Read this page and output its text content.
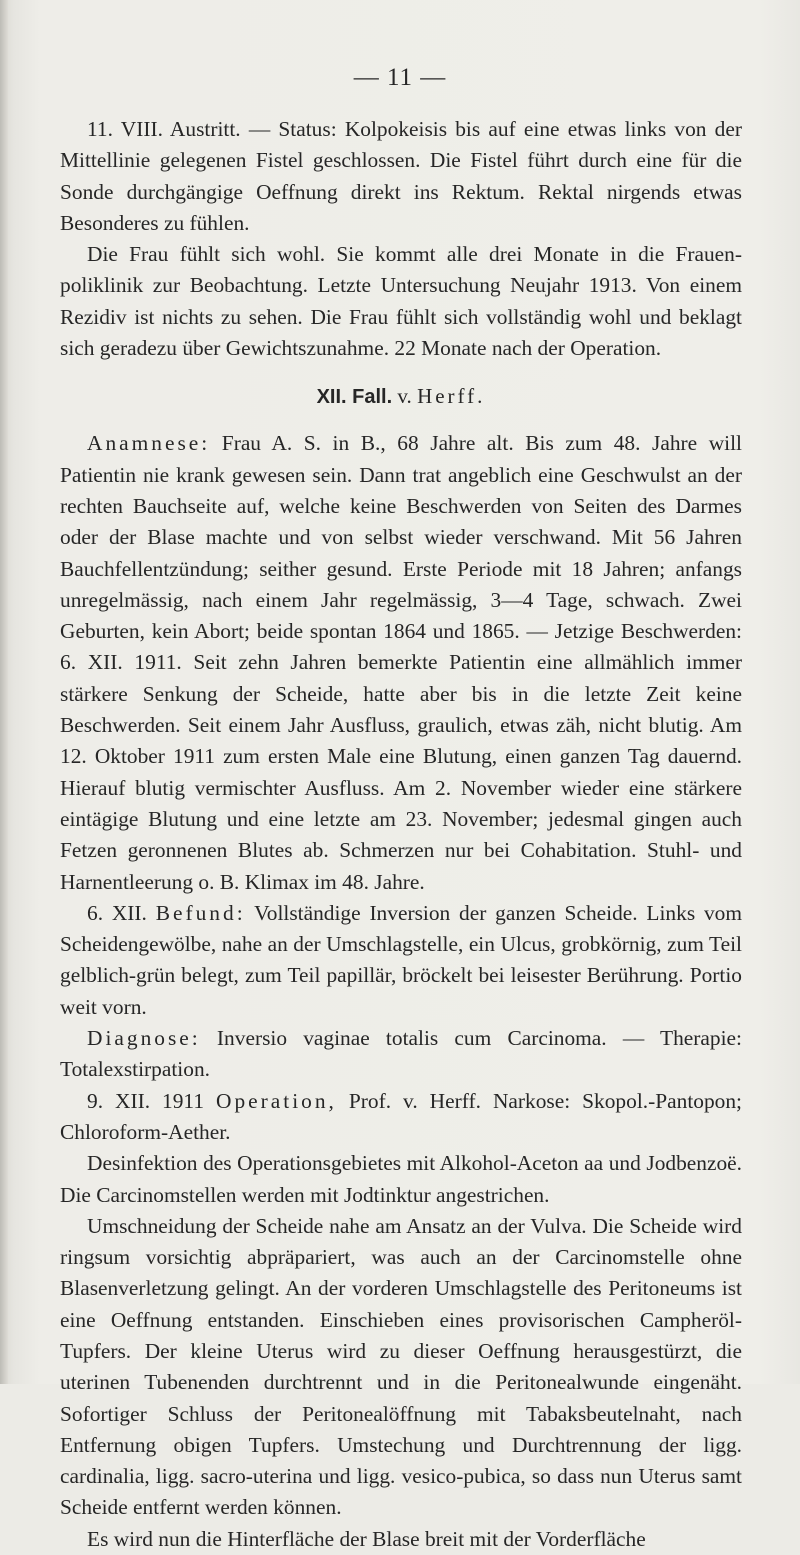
— 11 —

11. VIII. Austritt. — Status: Kolpokeisis bis auf eine etwas links von der Mittellinie gelegenen Fistel geschlossen. Die Fistel führt durch eine für die Sonde durchgängige Oeffnung direkt ins Rektum. Rektal nirgends etwas Besonderes zu fühlen.

Die Frau fühlt sich wohl. Sie kommt alle drei Monate in die Frauen-poliklinik zur Beobachtung. Letzte Untersuchung Neujahr 1913. Von einem Rezidiv ist nichts zu sehen. Die Frau fühlt sich vollständig wohl und beklagt sich geradezu über Gewichtszunahme. 22 Monate nach der Operation.

XII. Fall. v. Herff.

Anamnese: Frau A. S. in B., 68 Jahre alt. Bis zum 48. Jahre will Patientin nie krank gewesen sein. Dann trat angeblich eine Geschwulst an der rechten Bauchseite auf, welche keine Beschwerden von Seiten des Darmes oder der Blase machte und von selbst wieder verschwand. Mit 56 Jahren Bauchfellentzündung; seither gesund. Erste Periode mit 18 Jahren; anfangs unregelmässig, nach einem Jahr regelmässig, 3—4 Tage, schwach. Zwei Geburten, kein Abort; beide spontan 1864 und 1865. — Jetzige Beschwerden: 6. XII. 1911. Seit zehn Jahren bemerkte Patientin eine allmählich immer stärkere Senkung der Scheide, hatte aber bis in die letzte Zeit keine Beschwerden. Seit einem Jahr Ausfluss, graulich, etwas zäh, nicht blutig. Am 12. Oktober 1911 zum ersten Male eine Blutung, einen ganzen Tag dauernd. Hierauf blutig vermischter Ausfluss. Am 2. November wieder eine stärkere eintägige Blutung und eine letzte am 23. November; jedesmal gingen auch Fetzen geronnenen Blutes ab. Schmerzen nur bei Cohabitation. Stuhl- und Harnentleerung o. B. Klimax im 48. Jahre.

6. XII. Befund: Vollständige Inversion der ganzen Scheide. Links vom Scheidengewölbe, nahe an der Umschlagstelle, ein Ulcus, grobkörnig, zum Teil gelblich-grün belegt, zum Teil papillär, bröckelt bei leisester Berührung. Portio weit vorn.

Diagnose: Inversio vaginae totalis cum Carcinoma. — Therapie: Totalexstirpation.

9. XII. 1911 Operation, Prof. v. Herff. Narkose: Skopol.-Pantopon; Chloroform-Aether.

Desinfektion des Operationsgebietes mit Alkohol-Aceton aa und Jodbenzoë. Die Carcinomstellen werden mit Jodtinktur angestrichen.

Umschneidung der Scheide nahe am Ansatz an der Vulva. Die Scheide wird ringsum vorsichtig abpräpariert, was auch an der Carcinomstelle ohne Blasenverletzung gelingt. An der vorderen Umschlagstelle des Peritoneums ist eine Oeffnung entstanden. Einschieben eines provisorischen Campheröl-Tupfers. Der kleine Uterus wird zu dieser Oeffnung herausgestürzt, die uterinen Tubenenden durchtrennt und in die Peritonealwunde eingenäht. Sofortiger Schluss der Peritonealöffnung mit Tabaksbeutelnaht, nach Entfernung obigen Tupfers. Umstechung und Durchtrennung der ligg. cardinalia, ligg. sacro-uterina und ligg. vesico-pubica, so dass nun Uterus samt Scheide entfernt werden können.

Es wird nun die Hinterfläche der Blase breit mit der Vorderfläche
